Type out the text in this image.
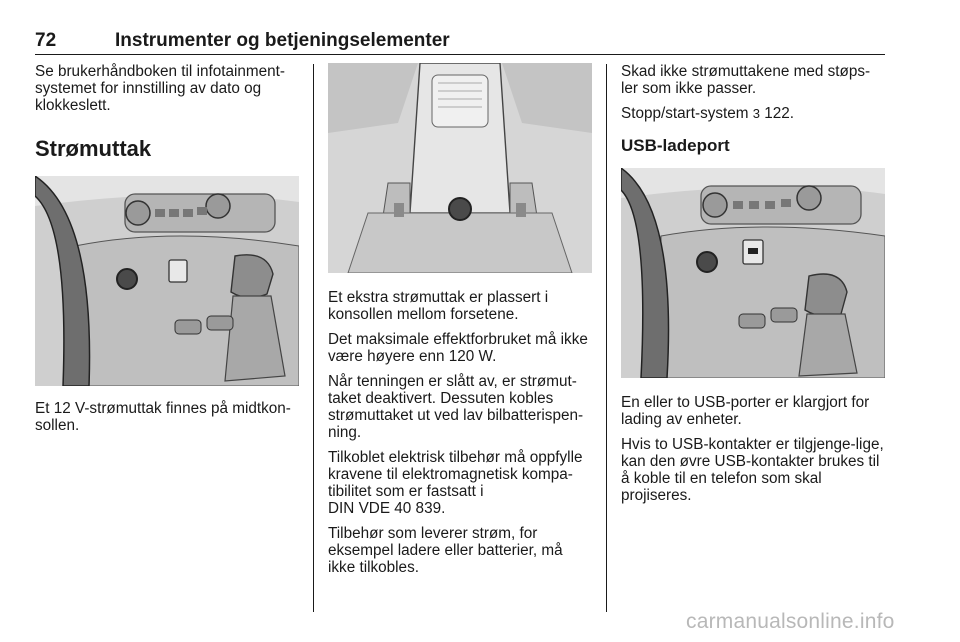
72	Instrumenter og betjeningselementer

Se brukerhåndboken til infotainment-systemet for innstilling av dato og klokkeslett.

Strømuttak

Et 12 V-strømuttak finnes på midtkon-sollen.

Et ekstra strømuttak er plassert i konsollen mellom forsetene.

Det maksimale effektforbruket må ikke være høyere enn 120 W.

Når tenningen er slått av, er strømut-taket deaktivert. Dessuten kobles strømuttaket ut ved lav bilbatterispen-ning.

Tilkoblet elektrisk tilbehør må oppfylle kravene til elektromagnetisk kompa-tibilitet som er fastsatt i
DIN VDE 40 839.

Tilbehør som leverer strøm, for eksempel ladere eller batterier, må ikke tilkobles.

Skad ikke strømuttakene med støps-ler som ikke passer.

Stopp/start-system 3 122.

USB-ladeport

En eller to USB-porter er klargjort for lading av enheter.

Hvis to USB-kontakter er tilgjenge-lige, kan den øvre USB-kontakter brukes til å koble til en telefon som skal projiseres.

carmanualsonline.info
